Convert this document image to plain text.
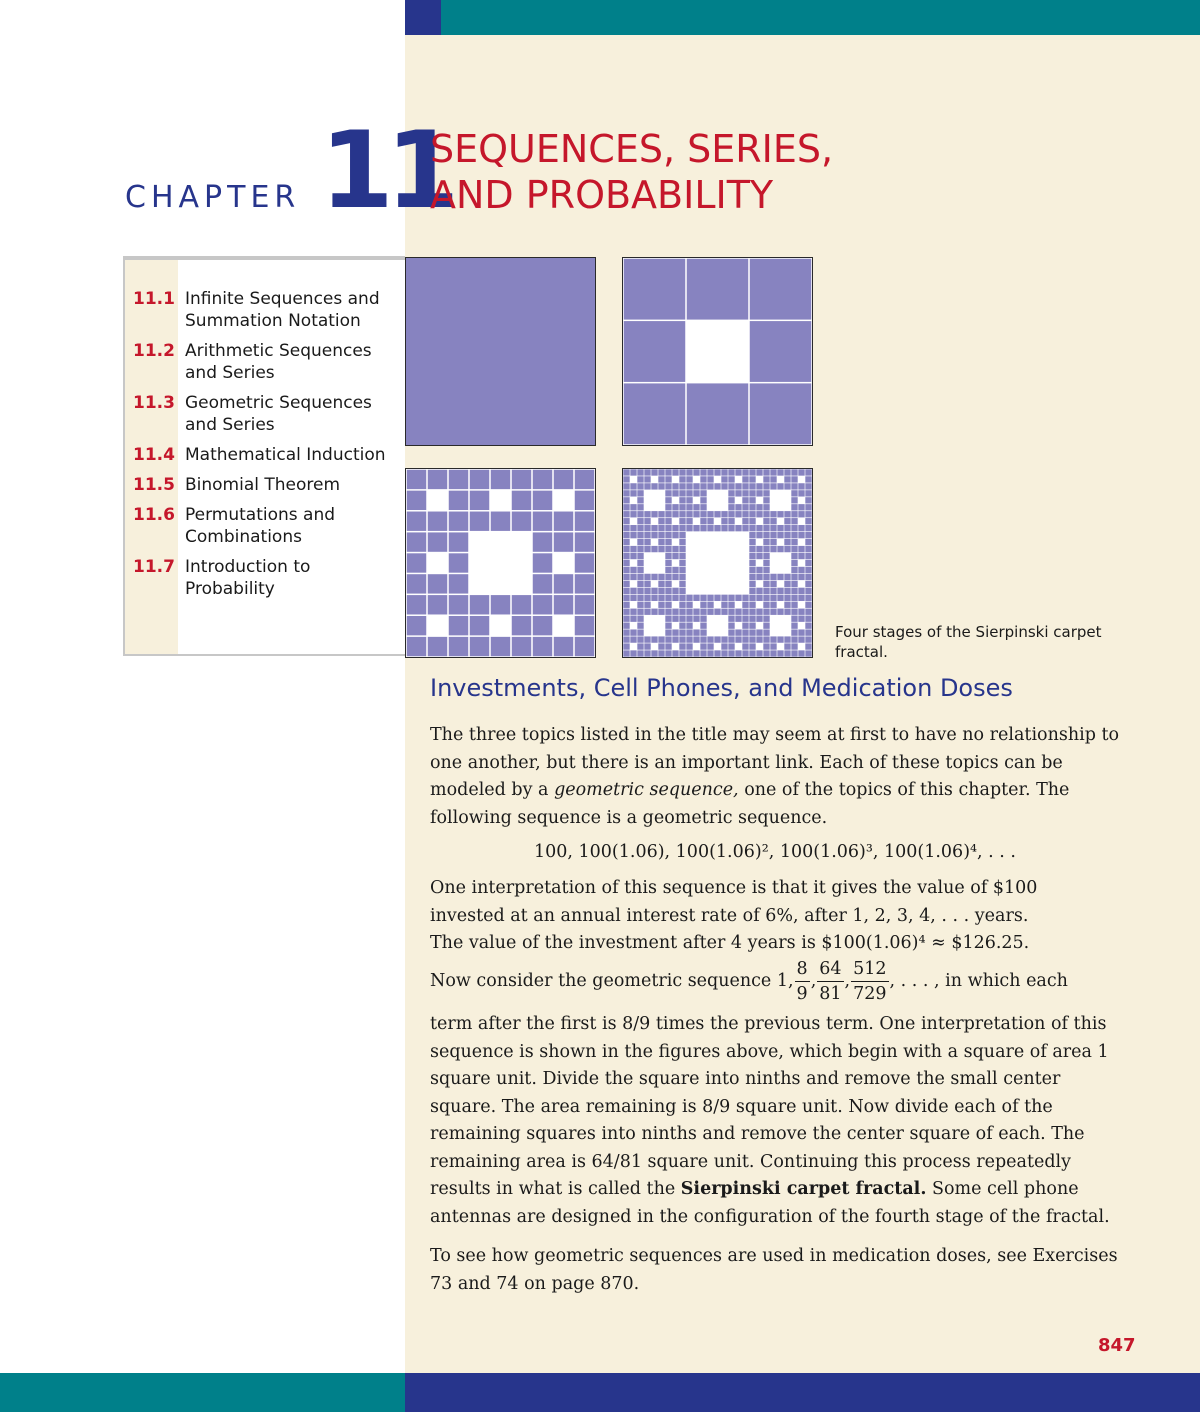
CHAPTER 11
SEQUENCES, SERIES,
AND PROBABILITY
11.1 Infinite Sequences and Summation Notation
11.2 Arithmetic Sequences and Series
11.3 Geometric Sequences and Series
11.4 Mathematical Induction
11.5 Binomial Theorem
11.6 Permutations and Combinations
11.7 Introduction to Probability
Four stages of the Sierpinski carpet fractal.
Investments, Cell Phones, and Medication Doses

The three topics listed in the title may seem at first to have no relationship to one another, but there is an important link. Each of these topics can be modeled by a geometric sequence, one of the topics of this chapter. The following sequence is a geometric sequence.

100, 100(1.06), 100(1.06)², 100(1.06)³, 100(1.06)⁴, . . .

One interpretation of this sequence is that it gives the value of $100
invested at an annual interest rate of 6%, after 1, 2, 3, 4, . . . years.
The value of the investment after 4 years is $100(1.06)⁴ ≈ $126.25.

Now consider the geometric sequence 1, $\frac{8}{9}$ , $\frac{64}{81}$ , $\frac{512}{729}$ , . . . , in which each

term after the first is 8/9 times the previous term. One interpretation of this sequence is shown in the figures above, which begin with a square of area 1 square unit. Divide the square into ninths and remove the small center square. The area remaining is 8/9 square unit. Now divide each of the remaining squares into ninths and remove the center square of each. The remaining area is 64/81 square unit. Continuing this process repeatedly results in what is called the Sierpinski carpet fractal. Some cell phone antennas are designed in the configuration of the fourth stage of the fractal.

To see how geometric sequences are used in medication doses, see Exercises 73 and 74 on page 870.

847
